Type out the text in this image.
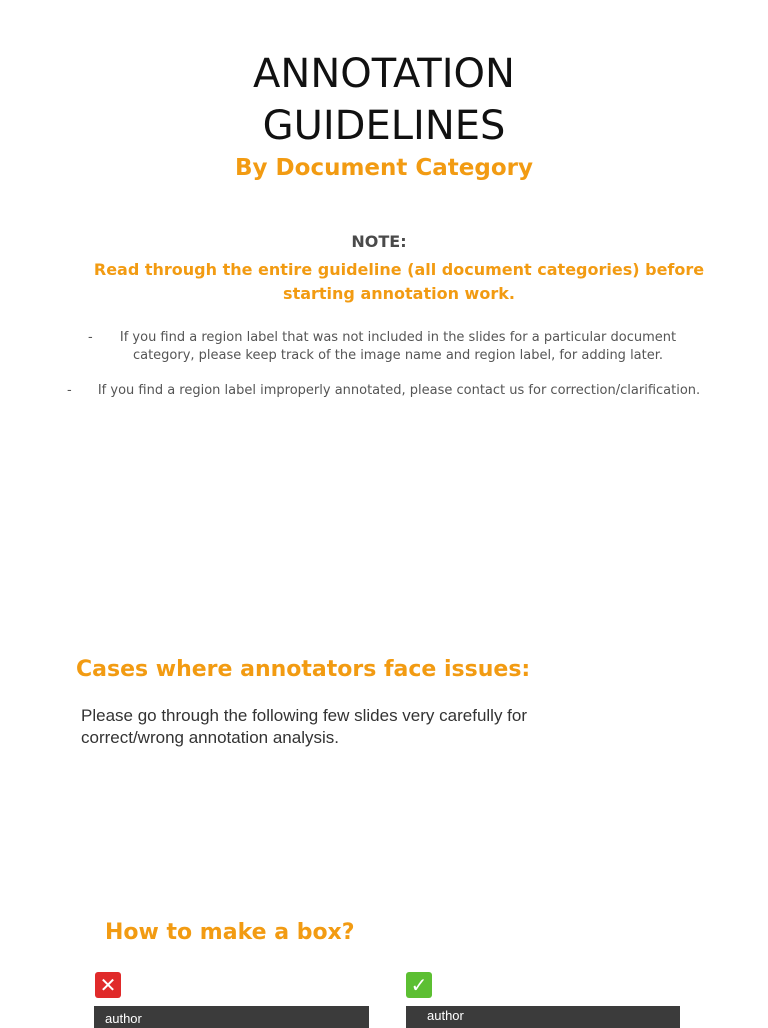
ANNOTATION
GUIDELINES
By Document Category
NOTE:
Read through the entire guideline (all document categories) before starting annotation work.
-	If you find a region label that was not included in the slides for a particular document category, please keep track of the image name and region label, for adding later.
-	If you find a region label improperly annotated, please contact us for correction/clarification.
Cases where annotators face issues:
Please go through the following few slides very carefully for correct/wrong annotation analysis.
How to make a box?
✕	✓
author	author
